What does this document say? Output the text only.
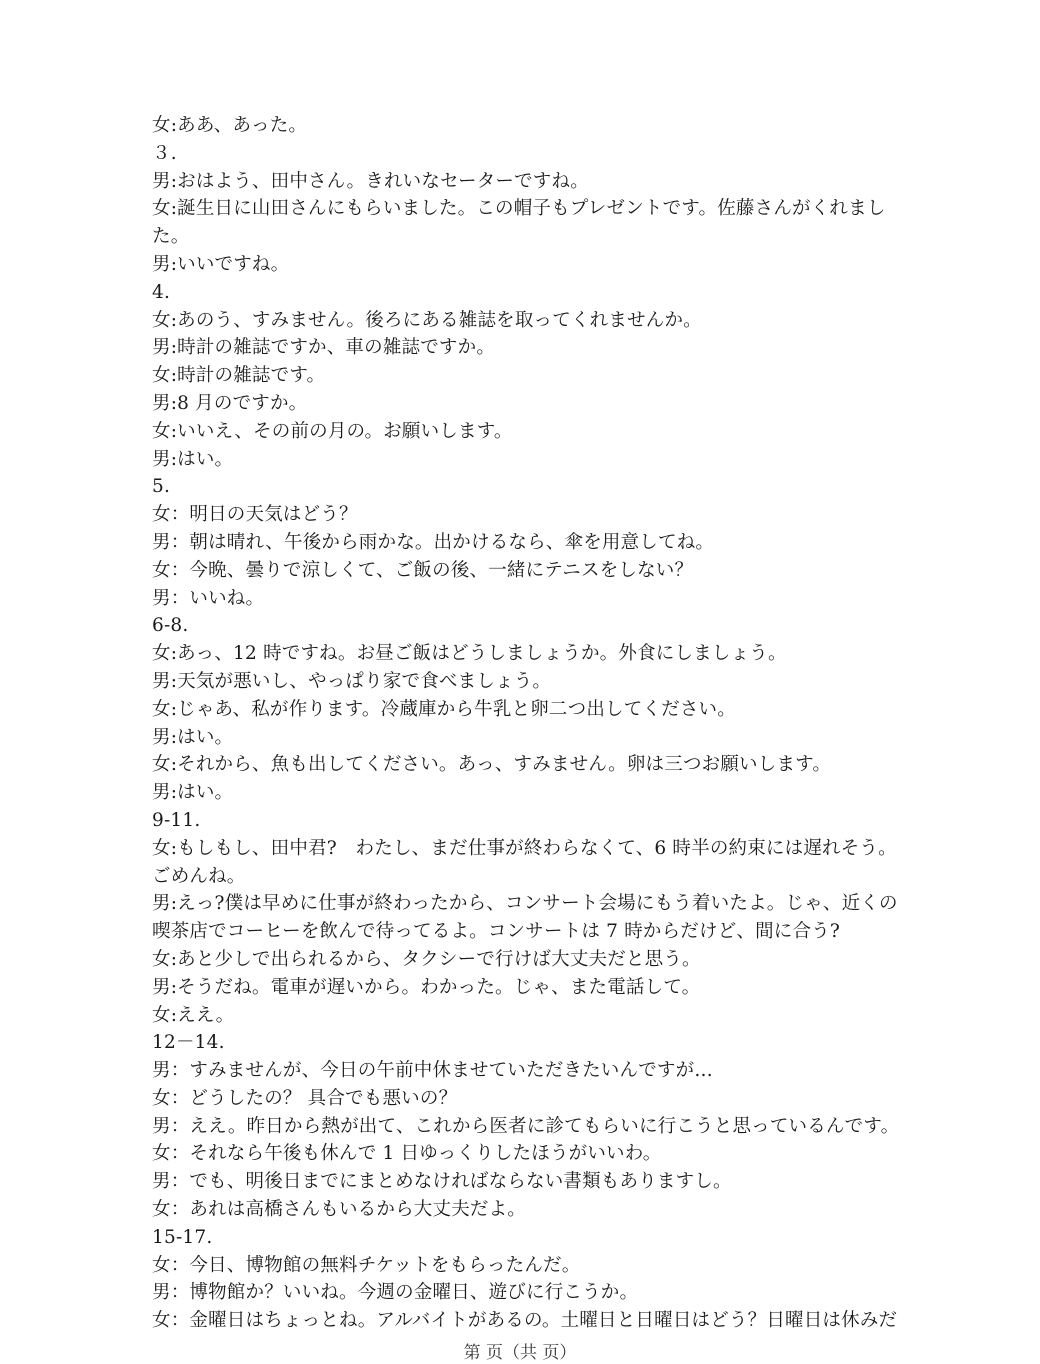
女:ああ、あった。
３.
男:おはよう、田中さん。きれいなセーターですね。
女:誕生日に山田さんにもらいました。この帽子もプレゼントです。佐藤さんがくれまし
た。
男:いいですね。
4.
女:あのう、すみません。後ろにある雑誌を取ってくれませんか。
男:時計の雑誌ですか、車の雑誌ですか。
女:時計の雑誌です。
男:8 月のですか。
女:いいえ、その前の月の。お願いします。
男:はい。
5.
女：明日の天気はどう？
男：朝は晴れ、午後から雨かな。出かけるなら、傘を用意してね。
女：今晩、曇りで涼しくて、ご飯の後、一緒にテニスをしない？
男：いいね。
6-8.
女:あっ、12 時ですね。お昼ご飯はどうしましょうか。外食にしましょう。
男:天気が悪いし、やっぱり家で食べましょう。
女:じゃあ、私が作ります。冷蔵庫から牛乳と卵二つ出してください。
男:はい。
女:それから、魚も出してください。あっ、すみません。卵は三つお願いします。
男:はい。
9-11.
女:もしもし、田中君?　わたし、まだ仕事が終わらなくて、6 時半の約束には遅れそう。
ごめんね。
男:えっ?僕は早めに仕事が終わったから、コンサート会場にもう着いたよ。じゃ、近くの
喫茶店でコーヒーを飲んで待ってるよ。コンサートは 7 時からだけど、間に合う?
女:あと少しで出られるから、タクシーで行けば大丈夫だと思う。
男:そうだね。電車が遅いから。わかった。じゃ、また電話して。
女:ええ。
12－14.
男：すみませんが、今日の午前中休ませていただきたいんですが…
女：どうしたの？ 具合でも悪いの？
男：ええ。昨日から熱が出て、これから医者に診てもらいに行こうと思っているんです。
女：それなら午後も休んで 1 日ゆっくりしたほうがいいわ。
男：でも、明後日までにまとめなければならない書類もありますし。
女：あれは高橋さんもいるから大丈夫だよ。
15-17.
女：今日、博物館の無料チケットをもらったんだ。
男：博物館か？いいね。今週の金曜日、遊びに行こうか。
女：金曜日はちょっとね。アルバイトがあるの。土曜日と日曜日はどう？日曜日は休みだ
第 页（共 页）
